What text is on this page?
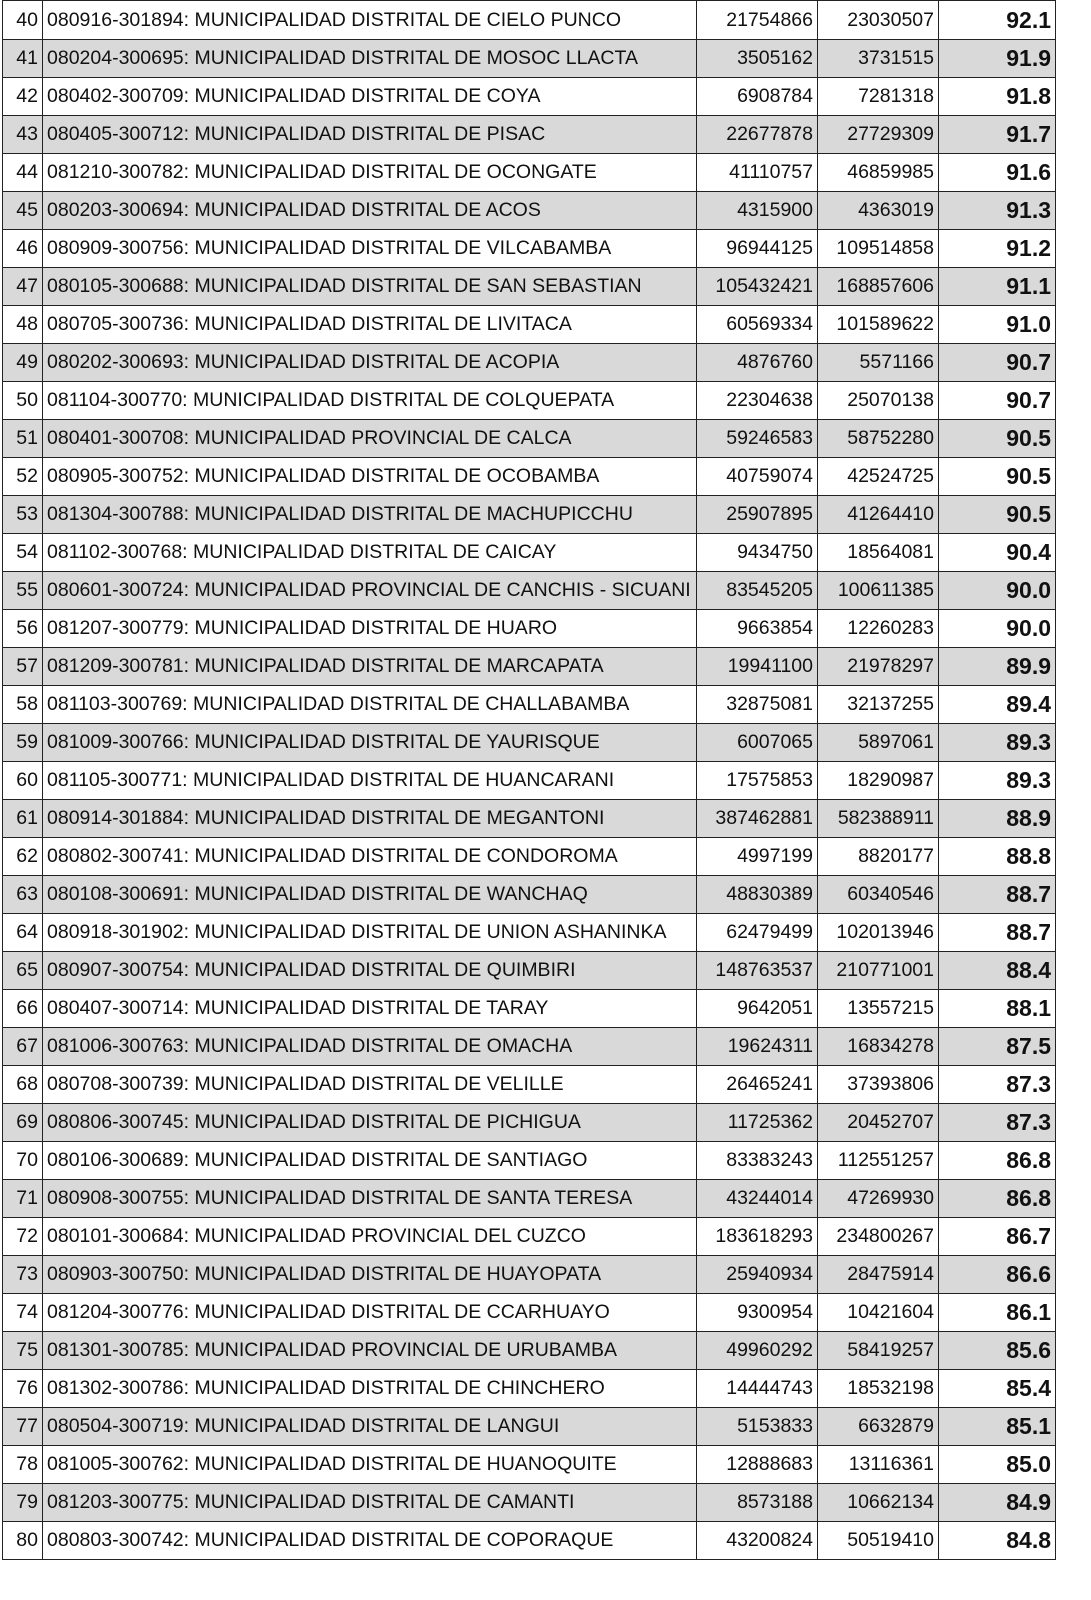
40	080916-301894: MUNICIPALIDAD DISTRITAL DE CIELO PUNCO	21754866	23030507	92.1
41	080204-300695: MUNICIPALIDAD DISTRITAL DE MOSOC LLACTA	3505162	3731515	91.9
42	080402-300709: MUNICIPALIDAD DISTRITAL DE COYA	6908784	7281318	91.8
43	080405-300712: MUNICIPALIDAD DISTRITAL DE PISAC	22677878	27729309	91.7
44	081210-300782: MUNICIPALIDAD DISTRITAL DE OCONGATE	41110757	46859985	91.6
45	080203-300694: MUNICIPALIDAD DISTRITAL DE ACOS	4315900	4363019	91.3
46	080909-300756: MUNICIPALIDAD DISTRITAL DE VILCABAMBA	96944125	109514858	91.2
47	080105-300688: MUNICIPALIDAD DISTRITAL DE SAN SEBASTIAN	105432421	168857606	91.1
48	080705-300736: MUNICIPALIDAD DISTRITAL DE LIVITACA	60569334	101589622	91.0
49	080202-300693: MUNICIPALIDAD DISTRITAL DE ACOPIA	4876760	5571166	90.7
50	081104-300770: MUNICIPALIDAD DISTRITAL DE COLQUEPATA	22304638	25070138	90.7
51	080401-300708: MUNICIPALIDAD PROVINCIAL DE CALCA	59246583	58752280	90.5
52	080905-300752: MUNICIPALIDAD DISTRITAL DE OCOBAMBA	40759074	42524725	90.5
53	081304-300788: MUNICIPALIDAD DISTRITAL DE MACHUPICCHU	25907895	41264410	90.5
54	081102-300768: MUNICIPALIDAD DISTRITAL DE CAICAY	9434750	18564081	90.4
55	080601-300724: MUNICIPALIDAD PROVINCIAL DE CANCHIS - SICUANI	83545205	100611385	90.0
56	081207-300779: MUNICIPALIDAD DISTRITAL DE HUARO	9663854	12260283	90.0
57	081209-300781: MUNICIPALIDAD DISTRITAL DE MARCAPATA	19941100	21978297	89.9
58	081103-300769: MUNICIPALIDAD DISTRITAL DE CHALLABAMBA	32875081	32137255	89.4
59	081009-300766: MUNICIPALIDAD DISTRITAL DE YAURISQUE	6007065	5897061	89.3
60	081105-300771: MUNICIPALIDAD DISTRITAL DE HUANCARANI	17575853	18290987	89.3
61	080914-301884: MUNICIPALIDAD DISTRITAL DE MEGANTONI	387462881	582388911	88.9
62	080802-300741: MUNICIPALIDAD DISTRITAL DE CONDOROMA	4997199	8820177	88.8
63	080108-300691: MUNICIPALIDAD DISTRITAL DE WANCHAQ	48830389	60340546	88.7
64	080918-301902: MUNICIPALIDAD DISTRITAL DE UNION ASHANINKA	62479499	102013946	88.7
65	080907-300754: MUNICIPALIDAD DISTRITAL DE QUIMBIRI	148763537	210771001	88.4
66	080407-300714: MUNICIPALIDAD DISTRITAL DE TARAY	9642051	13557215	88.1
67	081006-300763: MUNICIPALIDAD DISTRITAL DE OMACHA	19624311	16834278	87.5
68	080708-300739: MUNICIPALIDAD DISTRITAL DE VELILLE	26465241	37393806	87.3
69	080806-300745: MUNICIPALIDAD DISTRITAL DE PICHIGUA	11725362	20452707	87.3
70	080106-300689: MUNICIPALIDAD DISTRITAL DE SANTIAGO	83383243	112551257	86.8
71	080908-300755: MUNICIPALIDAD DISTRITAL DE SANTA TERESA	43244014	47269930	86.8
72	080101-300684: MUNICIPALIDAD PROVINCIAL DEL CUZCO	183618293	234800267	86.7
73	080903-300750: MUNICIPALIDAD DISTRITAL DE HUAYOPATA	25940934	28475914	86.6
74	081204-300776: MUNICIPALIDAD DISTRITAL DE CCARHUAYO	9300954	10421604	86.1
75	081301-300785: MUNICIPALIDAD PROVINCIAL DE URUBAMBA	49960292	58419257	85.6
76	081302-300786: MUNICIPALIDAD DISTRITAL DE CHINCHERO	14444743	18532198	85.4
77	080504-300719: MUNICIPALIDAD DISTRITAL DE LANGUI	5153833	6632879	85.1
78	081005-300762: MUNICIPALIDAD DISTRITAL DE HUANOQUITE	12888683	13116361	85.0
79	081203-300775: MUNICIPALIDAD DISTRITAL DE CAMANTI	8573188	10662134	84.9
80	080803-300742: MUNICIPALIDAD DISTRITAL DE COPORAQUE	43200824	50519410	84.8
